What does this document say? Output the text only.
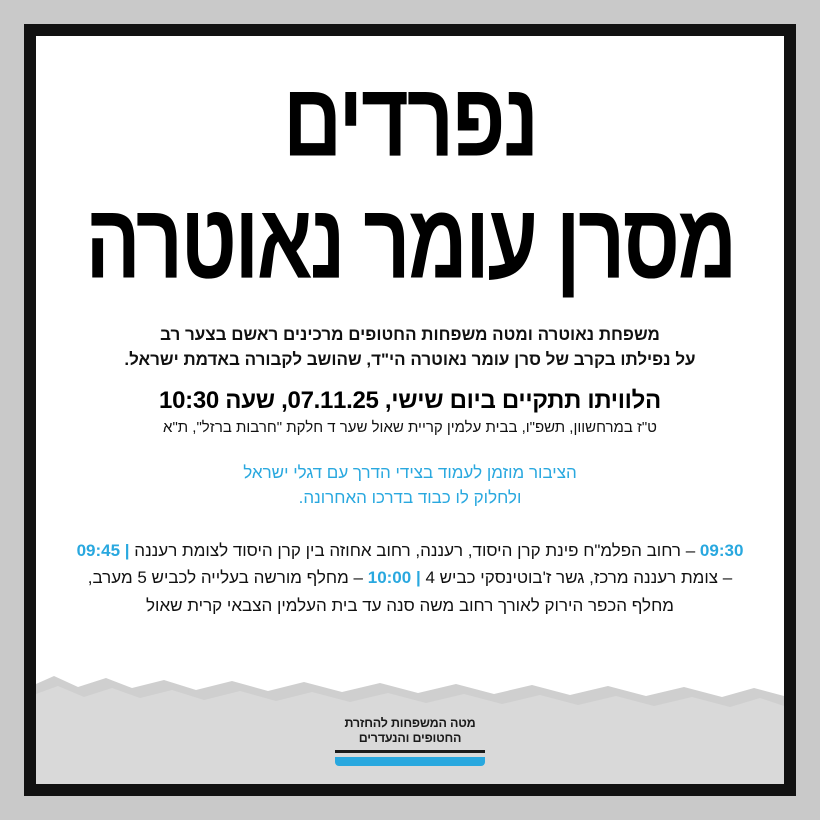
נפרדים
מסרן עומר נאוטרה

משפחת נאוטרה ומטה משפחות החטופים מרכינים ראשם בצער רב

על נפילתו בקרב של סרן עומר נאוטרה הי"ד, שהושב לקבורה באדמת ישראל.

הלוויתו תתקיים ביום שישי, 07.11.25, שעה 10:30

ט"ז במרחשוון, תשפ"ו, בבית עלמין קריית שאול שער ד חלקת "חרבות ברזל", ת"א

הציבור מוזמן לעמוד בצידי הדרך עם דגלי ישראל
ולחלוק לו כבוד בדרכו האחרונה.
09:30 – רחוב הפלמ"ח פינת קרן היסוד, רעננה, רחוב אחוזה בין קרן היסוד לצומת רעננה | 09:45 – צומת רעננה מרכז, גשר ז'בוטינסקי כביש 4 | 10:00 – מחלף מורשה בעלייה לכביש 5 מערב, מחלף הכפר הירוק לאורך רחוב משה סנה עד בית העלמין הצבאי קרית שאול
מטה המשפחות להחזרת
החטופים והנעדרים
